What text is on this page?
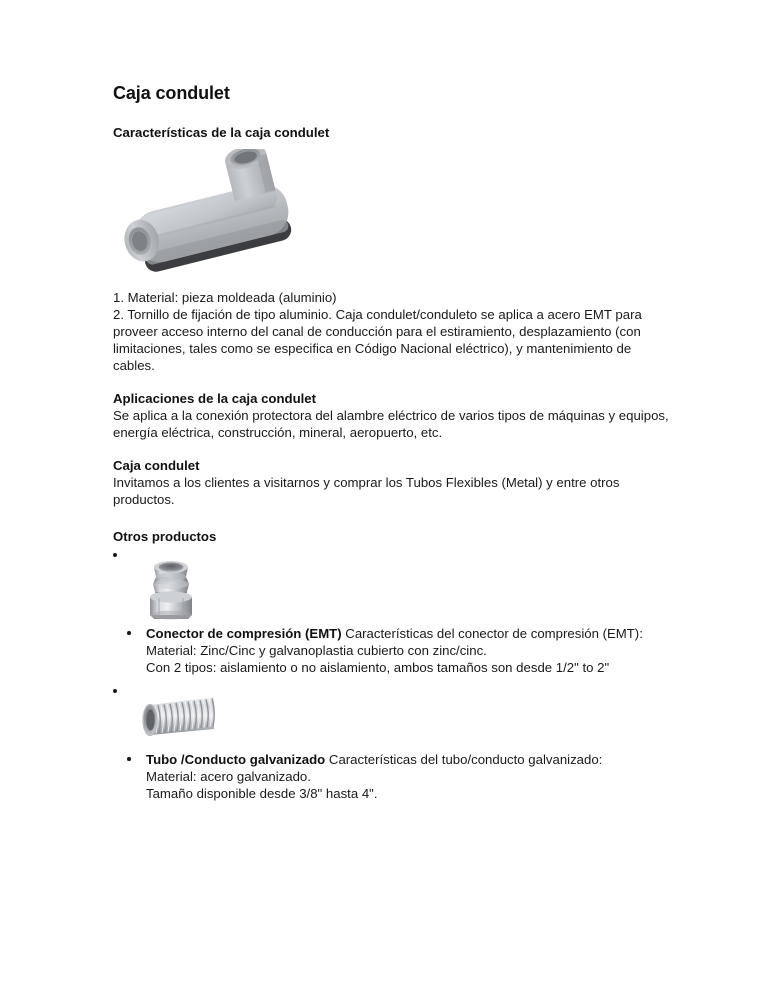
Caja condulet
Características de la caja condulet

1. Material: pieza moldeada (aluminio)

2. Tornillo de fijación de tipo aluminio. Caja condulet/conduleto se aplica a acero EMT para proveer acceso interno del canal de conducción para el estiramiento, desplazamiento (con limitaciones, tales como se especifica en Código Nacional eléctrico), y mantenimiento de cables.

Aplicaciones de la caja condulet

Se aplica a la conexión protectora del alambre eléctrico de varios tipos de máquinas y equipos, energía eléctrica, construcción, mineral, aeropuerto, etc.

Caja condulet

Invitamos a los clientes a visitarnos y comprar los Tubos Flexibles (Metal) y entre otros productos.

Otros productos

Conector de compresión (EMT) Características del conector de compresión (EMT):

Material: Zinc/Cinc y galvanoplastia cubierto con zinc/cinc.

Con 2 tipos: aislamiento o no aislamiento, ambos tamaños son desde 1/2" to 2"

Tubo /Conducto galvanizado Características del tubo/conducto galvanizado:

Material: acero galvanizado.

Tamaño disponible desde 3/8" hasta 4".
